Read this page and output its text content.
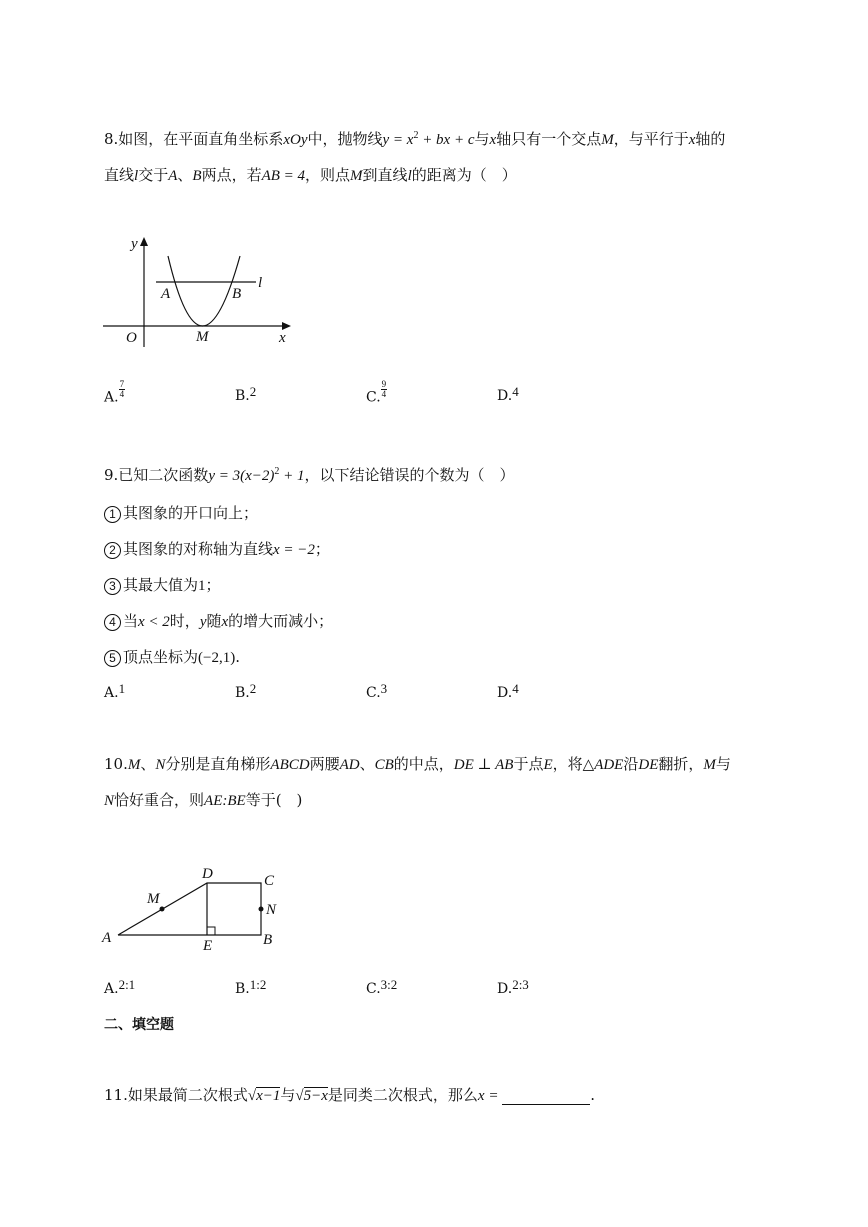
8.如图，在平面直角坐标系xOy中，抛物线$y = x^2$ + bx + c与x轴只有一个交点M，与平行于x轴的
直线l交于A、B两点，若AB = 4，则点M到直线l的距离为（　）
y
x
O
A	B
M
l
A. $\frac{7}{4}$	B.2	C. $\frac{9}{4}$	D.4
9.已知二次函数$y = 3(x-2)^2 + 1$，以下结论错误的个数为（　）
1 其图象的开口向上；
2 其图象的对称轴为直线x = −2；
3 其最大值为1；
4 当x < 2时，y随x的增大而减小；
5 顶点坐标为(−2,1).
A.1	B.2	C.3	D.4
10.M、N分别是直角梯形ABCD两腰AD、CB的中点，DE ⊥ AB于点E，将△ADE沿DE翻折，M与
N恰好重合，则AE:BE等于(　)
A	B
C
D
E
M
N
A.2:1	B.1:2	C.3:2	D.2:3
二、填空题
11.如果最简二次根式√x−1与√5−x是同类二次根式，那么x =	.
